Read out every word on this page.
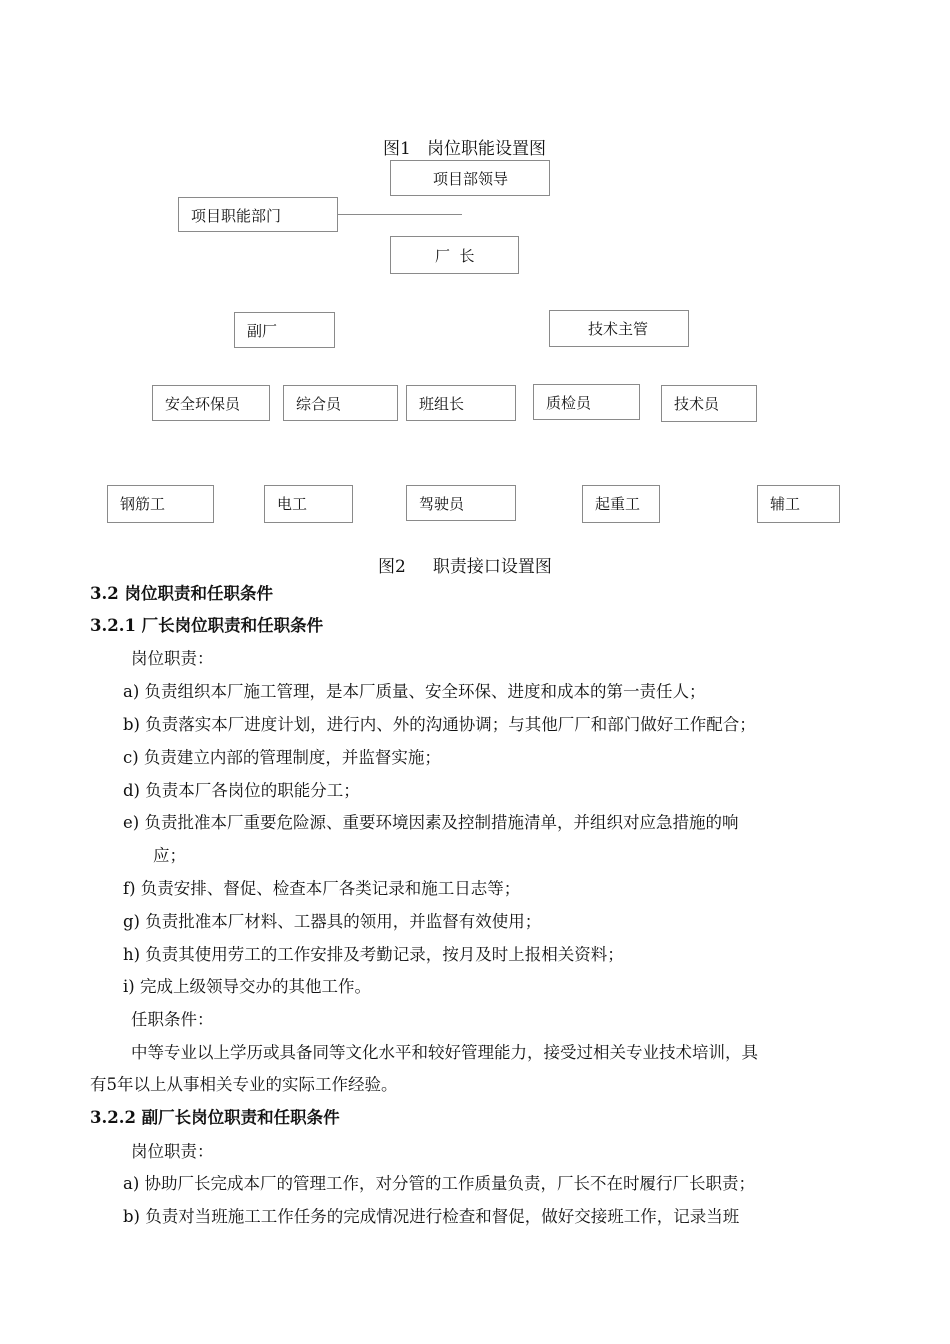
图1   岗位职能设置图
项目部领导
项目职能部门
厂  长
副厂	技术主管
安全环保员	综合员	班组长	质检员	技术员
钢筋工	电工	驾驶员	起重工	辅工
图2     职责接口设置图
3.2 岗位职责和任职条件
3.2.1 厂长岗位职责和任职条件
岗位职责：
a) 负责组织本厂施工管理，是本厂质量、安全环保、进度和成本的第一责任人；
b) 负责落实本厂进度计划，进行内、外的沟通协调；与其他厂厂和部门做好工作配合；
c) 负责建立内部的管理制度，并监督实施；
d) 负责本厂各岗位的职能分工；
e) 负责批准本厂重要危险源、重要环境因素及控制措施清单，并组织对应急措施的响
应；
f) 负责安排、督促、检查本厂各类记录和施工日志等；
g) 负责批准本厂材料、工器具的领用，并监督有效使用；
h) 负责其使用劳工的工作安排及考勤记录，按月及时上报相关资料；
i) 完成上级领导交办的其他工作。
任职条件：
中等专业以上学历或具备同等文化水平和较好管理能力，接受过相关专业技术培训，具
有5年以上从事相关专业的实际工作经验。
3.2.2 副厂长岗位职责和任职条件
岗位职责：
a) 协助厂长完成本厂的管理工作，对分管的工作质量负责，厂长不在时履行厂长职责；
b) 负责对当班施工工作任务的完成情况进行检查和督促，做好交接班工作，记录当班
